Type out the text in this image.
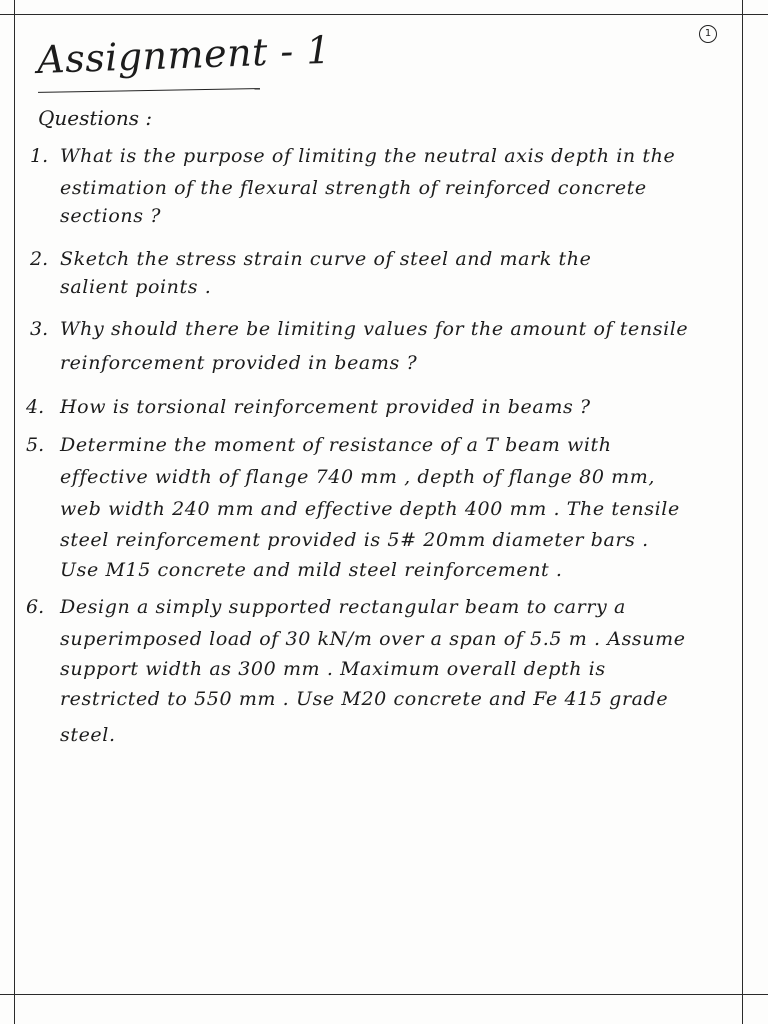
1
Assignment - 1
Questions :
1. What is the purpose of limiting the neutral axis depth in the
estimation of the flexural strength of reinforced concrete
sections ?
2. Sketch the stress strain curve of steel and mark the
salient points .
3. Why should there be limiting values for the amount of tensile
reinforcement provided in beams ?
4. How is torsional reinforcement provided in beams ?
5. Determine the moment of resistance of a T beam with
effective width of flange 740 mm , depth of flange 80 mm,
web width 240 mm and effective depth 400 mm . The tensile
steel reinforcement provided is 5# 20mm diameter bars .
Use M15 concrete and mild steel reinforcement .
6. Design a simply supported rectangular beam to carry a
superimposed load of 30 kN/m over a span of 5.5 m . Assume
support width as 300 mm . Maximum overall depth is
restricted to 550 mm . Use M20 concrete and Fe 415 grade
steel.
